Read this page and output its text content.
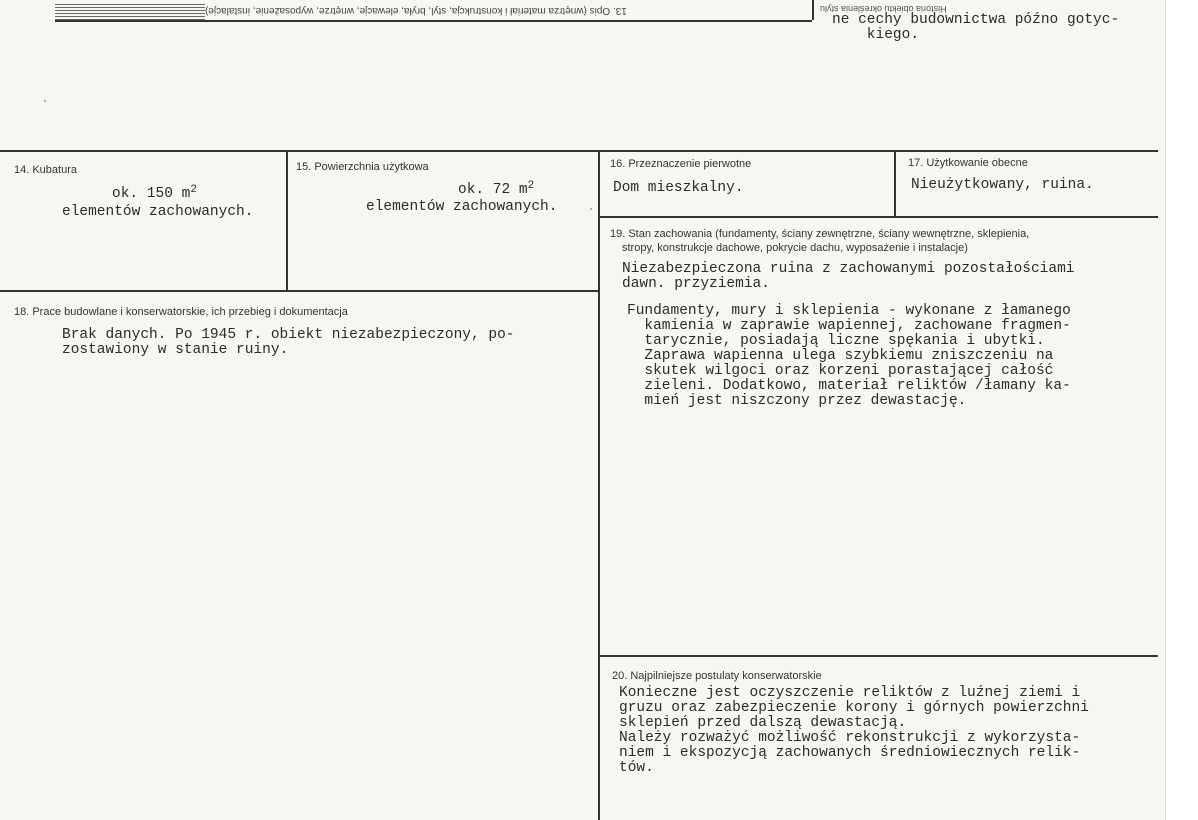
13. Opis (wnętrza materiał i konstrukcja, styl, bryła, elewacje, wnętrze, wyposażenie, instalacje)	Historia obiektu określenia stylu
ne cechy budownictwa późno gotyc-
kiego.
14. Kubatura
ok. 150 $m^2$
elementów zachowanych.
15. Powierzchnia użytkowa
ok. 72 $m^2$
elementów zachowanych.
16. Przeznaczenie pierwotne
Dom mieszkalny.
17. Użytkowanie obecne
Nieużytkowany, ruina.
18. Prace budowlane i konserwatorskie, ich przebieg i dokumentacja
Brak danych. Po 1945 r. obiekt niezabezpieczony, po-
zostawiony w stanie ruiny.
19. Stan zachowania (fundamenty, ściany zewnętrzne, ściany wewnętrzne, sklepienia,
stropy, konstrukcje dachowe, pokrycie dachu, wyposażenie i instalacje)
Niezabezpieczona ruina z zachowanymi pozostałościami
dawn. przyziemia.
Fundamenty, mury i sklepienia - wykonane z łamanego
kamienia w zaprawie wapiennej, zachowane fragmen-
tarycznie, posiadają liczne spękania i ubytki.
Zaprawa wapienna ulega szybkiemu zniszczeniu na
skutek wilgoci oraz korzeni porastającej całość
zieleni. Dodatkowo, materiał reliktów /łamany ka-
mień jest niszczony przez dewastację.
20. Najpilniejsze postulaty konserwatorskie
Konieczne jest oczyszczenie reliktów z luźnej ziemi i
gruzu oraz zabezpieczenie korony i górnych powierzchni
sklepień przed dalszą dewastacją.
Należy rozważyć możliwość rekonstrukcji z wykorzysta-
niem i ekspozycją zachowanych średniowiecznych relik-
tów.
